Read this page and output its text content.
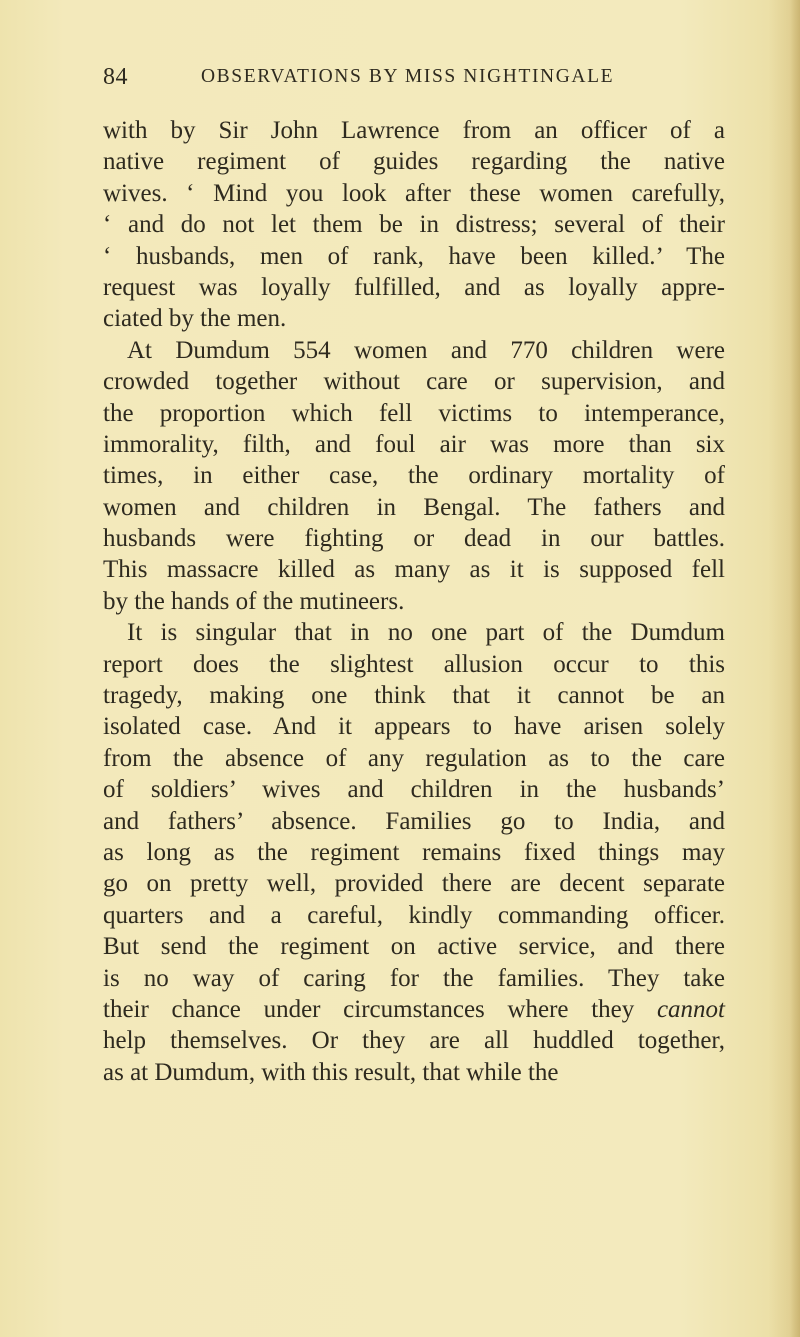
84	OBSERVATIONS BY MISS NIGHTINGALE
with by Sir John Lawrence from an officer of a
native regiment of guides regarding the native
wives. ‘ Mind you look after these women carefully,
‘ and do not let them be in distress; several of their
‘ husbands, men of rank, have been killed.’ The
request was loyally fulfilled, and as loyally appre-
ciated by the men.
At Dumdum 554 women and 770 children were
crowded together without care or supervision, and
the proportion which fell victims to intemperance,
immorality, filth, and foul air was more than six
times, in either case, the ordinary mortality of
women and children in Bengal. The fathers and
husbands were fighting or dead in our battles.
This massacre killed as many as it is supposed fell
by the hands of the mutineers.
It is singular that in no one part of the Dumdum
report does the slightest allusion occur to this
tragedy, making one think that it cannot be an
isolated case. And it appears to have arisen solely
from the absence of any regulation as to the care
of soldiers’ wives and children in the husbands’
and fathers’ absence. Families go to India, and
as long as the regiment remains fixed things may
go on pretty well, provided there are decent separate
quarters and a careful, kindly commanding officer.
But send the regiment on active service, and there
is no way of caring for the families. They take
their chance under circumstances where they cannot
help themselves. Or they are all huddled together,
as at Dumdum, with this result, that while the
